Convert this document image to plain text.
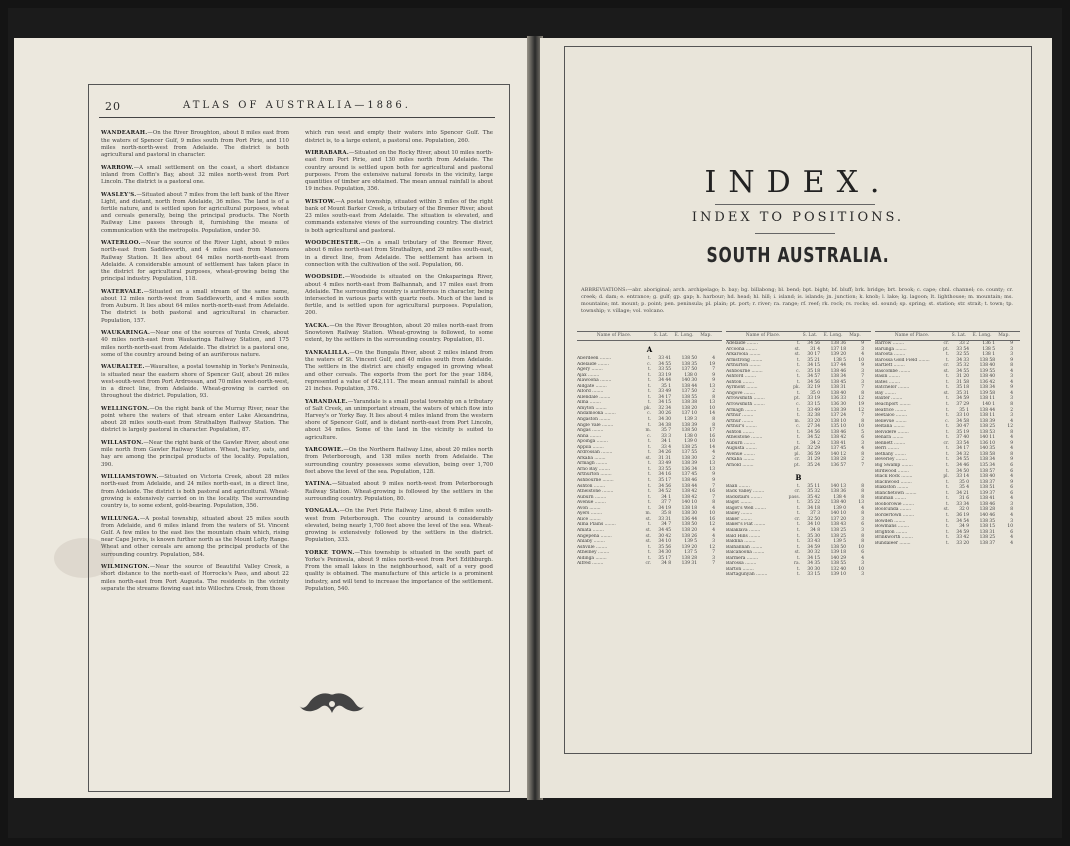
20	ATLAS OF AUSTRALIA—1886.

WANDEARAH.—On the River Broughton, about 8 miles east from the waters of Spencer Gulf, 9 miles south from Port Pirie, and 110 miles north-north-west from Adelaide. The district is both agricultural and pastoral in character.

WARROW.—A small settlement on the coast, a short distance inland from Coffin's Bay, about 32 miles north-west from Port Lincoln. The district is a pastoral one.

WASLEY'S.—Situated about 7 miles from the left bank of the River Light, and distant, north from Adelaide, 36 miles. The land is of a fertile nature, and is settled upon for agricultural purposes, wheat and cereals generally, being the principal products. The North Railway Line passes through it, furnishing the means of communication with the metropolis. Population, under 50.

WATERLOO.—Near the source of the River Light, about 9 miles north-east from Saddleworth, and 4 miles east from Manoora Railway Station. It lies about 64 miles north-north-east from Adelaide. A considerable amount of settlement has taken place in the district for agricultural purposes, wheat-growing being the principal industry. Population, 118.

WATERVALE.—Situated on a small stream of the same name, about 12 miles north-west from Saddleworth, and 4 miles south from Auburn. It lies about 64 miles north-north-east from Adelaide. The district is both pastoral and agricultural in character. Population, 157.

WAUKARINGA.—Near one of the sources of Yunta Creek, about 40 miles north-east from Waukaringa Railway Station, and 175 miles north-north-east from Adelaide. The district is a pastoral one, some of the country around being of an auriferous nature.

WAURALTEE.—Wauraltee, a postal township in Yorke's Peninsula, is situated near the eastern shore of Spencer Gulf, about 26 miles west-south-west from Port Ardrossan, and 70 miles west-north-west, in a direct line, from Adelaide. Wheat-growing is carried on throughout the district. Population, 93.

WELLINGTON.—On the right bank of the Murray River, near the point where the waters of that stream enter Lake Alexandrina, about 28 miles south-east from Strathalbyn Railway Station. The district is largely pastoral in character. Population, 87.

WILLASTON.—Near the right bank of the Gawler River, about one mile north from Gawler Railway Station. Wheat, barley, oats, and hay are among the principal products of the locality. Population, 390.

WILLIAMSTOWN.—Situated on Victoria Creek, about 28 miles north-east from Adelaide, and 24 miles north-east, in a direct line, from Adelaide. The district is both pastoral and agricultural. Wheat-growing is extensively carried on in the locality. The surrounding country is, to some extent, gold-bearing. Population, 356.

WILLUNGA.—A postal township, situated about 25 miles south from Adelaide, and 6 miles inland from the waters of St. Vincent Gulf. A few miles to the east lies the mountain chain which, rising near Cape Jervis, is known further north as the Mount Lofty Range. Wheat and other cereals are among the principal products of the surrounding country. Population, 584.

WILMINGTON.—Near the source of Beautiful Valley Creek, a short distance to the north-east of Horrocks's Pass, and about 22 miles north-east from Port Augusta. The residents in the vicinity separate the streams flowing east into Willochra Creek, from those

which run west and empty their waters into Spencer Gulf. The district is, to a large extent, a pastoral one. Population, 260.

WIRRABARA.—Situated on the Rocky River, about 10 miles north-east from Port Pirie, and 130 miles north from Adelaide. The country around is settled upon both for agricultural and pastoral purposes. From the extensive natural forests in the vicinity, large quantities of timber are obtained. The mean annual rainfall is about 19 inches. Population, 356.

WISTOW.—A postal township, situated within 3 miles of the right bank of Mount Barker Creek, a tributary of the Bremer River, about 23 miles south-east from Adelaide. The situation is elevated, and commands extensive views of the surrounding country. The district is both agricultural and pastoral.

WOODCHESTER.—On a small tributary of the Bremer River, about 6 miles north-east from Strathalbyn, and 29 miles south-east, in a direct line, from Adelaide. The settlement has arisen in connection with the cultivation of the soil. Population, 66.

WOODSIDE.—Woodside is situated on the Onkaparinga River, about 4 miles north-east from Balhannah, and 17 miles east from Adelaide. The surrounding country is auriferous in character, being intersected in various parts with quartz reefs. Much of the land is fertile, and is settled upon for agricultural purposes. Population, 200.

YACKA.—On the River Broughton, about 20 miles north-east from Snowtown Railway Station. Wheat-growing is followed, to some extent, by the settlers in the surrounding country. Population, 81.

YANKALILLA.—On the Bungala River, about 2 miles inland from the waters of St. Vincent Gulf, and 40 miles south from Adelaide. The settlers in the district are chiefly engaged in growing wheat and other cereals. The exports from the port for the year 1884, represented a value of £42,111. The mean annual rainfall is about 21 inches. Population, 376.

YARANDALE.—Yarandale is a small postal township on a tributary of Salt Creek, an unimportant stream, the waters of which flow into Harvey's or Yorky Bay. It lies about 4 miles inland from the western shore of Spencer Gulf, and is distant north-east from Port Lincoln, about 34 miles. Some of the land in the vicinity is suited to agriculture.

YARCOWIE.—On the Northern Railway Line, about 20 miles north from Peterborough, and 138 miles north from Adelaide. The surrounding country possesses some elevation, being over 1,700 feet above the level of the sea. Population, 128.

YATINA.—Situated about 9 miles north-west from Peterborough Railway Station. Wheat-growing is followed by the settlers in the surrounding country. Population, 80.

YONGALA.—On the Port Pirie Railway Line, about 6 miles south-west from Peterborough. The country around is considerably elevated, being nearly 1,700 feet above the level of the sea. Wheat-growing is extensively followed by the settlers in the district. Population, 333.

YORKE TOWN.—This township is situated in the south part of Yorke's Peninsula, about 9 miles north-west from Port Edithburgh. From the small lakes in the neighbourhood, salt of a very good quality is obtained. The manufacture of this article is a prominent industry, and will tend to increase the importance of the settlement. Population, 540.

INDEX.
INDEX TO POSITIONS.
SOUTH AUSTRALIA.
ABBREVIATIONS:—abr. aboriginal; arch. archipelago; b. bay; bg. billabong; bl. bend; bpt. bight; bf. bluff; brk. bridge; brt. brook; c. cape; chnl. channel; co. county; cr. creek; d. dam; e. entrance; g. gulf; gp. gap; h. harbour; hd. head; hl. hill; i. island; is. islands; jn. junction; k. knob; l. lake; lg. lagoon; lt. lighthouse; m. mountain; ms. mountains; mt. mount; p. point; pen. peninsula; pl. plain; pt. port; r. river; ra. range; rf. reef; rk. rock; rs. rocks; sd. sound; sp. spring; st. station; str. strait; t. town; tp. township; v. village; vol. volcano.
Name of Place.	S. Lat.	E. Long.	Map.
A
Aberdeen ........	t.	33 41	138 50	4
Adelaide ........	c.	34 55	138 35	19
Agery ........	t.	33 55	137 50	7
Ajax ........	t.	33 19	138 0	9
Alawoona ........	t.	34 44	140 30	9
Aldgate ........	t.	35 1	138 44	13
Alford ........	t.	33 49	137 50	2
Allendale ........	t.	34 17	138 55	8
Alma ........	t.	34 15	138 38	13
Amyton ........	pk.	32 34	138 20	10
Andamooka ........	c.	30 26	137 10	14
Angaston ........	t.	34 30	139 3	8
Angle Vale ........	t.	34 38	138 39	8
Angas ........	m.	35 7	138 50	17
Anna ........	c.	33 3	138 0	16
Apoinga ........	t.	34 1	139 0	10
Appila ........	t.	33 4	138 25	14
Ardrossan ........	t.	34 26	137 55	4
Arkaba ........	st.	31 31	138 30	2
Armagh ........	t.	33 49	138 39	13
Arno Bay ........	t.	33 55	136 34	13
Arthurton ........	t.	34 16	137 45	9
Ashbourne ........	t.	35 17	138 46	9
Ashton ........	t.	34 56	138 44	7
Athelstone ........	t.	34 52	138 42	16
Auburn ........	t.	34 1	138 42	7
Avenue ........	t.	37 7	140 10	8
Avon ........	t.	34 19	138 18	4
Ayers ........	m.	35 8	138 30	10
Alice ........	st.	33 31	136 44	16
Alma Plains ........	t.	34 7	138 50	12
Amata ........	st.	34 45	138 20	4
Angepena ........	st.	30 42	138 26	4
Anlaby ........	st.	34 10	139 5	3
Ashville ........	t.	35 56	139 20	12
Athelney ........	t.	34 30	137 5	7
Aldinga ........	t.	35 17	138 28	3
Alfred ........	cr.	34 8	139 31	7
Name of Place.	S. Lat.	E. Long.	Map.
Adelaide ........	t.	34 56	138 36	9
Arcoona ........	st.	31 4	137 18	3
Arkaroola ........	st.	30 17	139 20	4
Armstrong ........	t.	35 21	138 5	10
Arthurton ........	t.	34 15	137 44	9
Ashbourne ........	c.	35 18	138 46	3
Ashford ........	t.	34 57	138 34	7
Ashton ........	t.	34 56	138 45	3
Ayrmont ........	pk.	32 19	138 31	7
Angove ........	t.	35 0	138 40	8
Arrowsmith ........	pt.	33 19	136 33	12
Arrowsmith ........	c.	33 15	136 30	19
Armagh ........	t.	33 49	138 39	12
Arthur ........	t.	32 38	137 24	7
Arthur ........	m.	33 20	138 10	8
Arthur's ........	c.	27 34	135 10	10
Ashton ........	t.	34 56	138 46	5
Athelstone ........	t.	34 52	138 42	6
Auburn ........	t.	34 2	138 41	3
Augusta ........	pt.	32 29	137 45	4
Avenue ........	pl.	36 59	140 12	8
Arkaba ........	cr.	31 29	138 28	2
Arnold ........	pt.	35 24	136 57	7
B
Baan ........	t.	35 11	140 13	8
Back Valley ........	cr.	35 32	138 36	8
Backstairs ........	pass.	35 42	138 4	8
Bagot ........	t.	35 22	138 40	13
Bagot's Well ........	t.	34 18	139 0	4
Bailey ........	t.	37 3	140 10	8
Baker ........	cr.	32 50	137 20	3
Baker's Flat ........	t.	34 10	138 43	6
Balaklava ........	t.	34 8	138 25	3
Bald Hills ........	t.	35 30	138 25	8
Baldina ........	t.	33 43	139 5	8
Balhannah ........	t.	34 59	138 50	10
Balcanoona ........	st.	30 32	139 18	6
Barmera ........	t.	34 15	140 29	4
Barossa ........	ra.	34 35	138 55	3
Barton ........	t.	30 30	132 40	10
Bartagunyah ........	t.	33 15	139 10	3
Name of Place.	S. Lat.	E. Long.	Map.
Barrow ........	cr.	33 2	136 1	9
Barunga ........	pt.	33 54	138 5	3
Baroota ........	t.	32 55	138 1	3
Barossa Gold Field ........	t.	34 33	138 58	9
Bartlett ........	cr.	35 32	138 40	8
Bascombe ........	st.	34 55	139 55	4
Basin ........	t.	31 20	138 40	3
Bates ........	t.	31 58	136 42	4
Batchelor ........	t.	35 18	138 34	9
Bay ........	st.	35 31	139 58	4
Baxter ........	t.	34 59	138 11	3
Beachport ........	t.	37 29	140 1	8
Beatrice ........	t.	35 1	138 44	2
Beetaloo ........	t.	33 10	138 11	3
Bellevue ........	c.	34 58	138 39	4
Beltana ........	t.	30 47	138 25	12
Belvidere ........	t.	35 19	138 53	8
Benara ........	t.	37 40	140 11	4
Bennett ........	cr.	33 54	136 10	9
Berri ........	t.	34 17	140 35	4
Bethany ........	t.	34 32	138 58	8
Beverley ........	t.	34 55	138 34	9
Big Swamp ........	t.	34 46	135 34	6
Birdwood ........	t.	34 50	138 57	6
Black Rock ........	pl.	33 14	138 40	4
Blackwood ........	t.	35 0	138 37	9
Blakiston ........	t.	35 4	138 51	6
Blanchetown ........	t.	34 21	139 37	6
Blinman ........	t.	31 6	138 41	4
Booborowie ........	t.	33 34	138 46	3
Boolcunda ........	st.	32 0	138 28	8
Bordertown ........	t.	36 19	140 46	4
Bowden ........	t.	34 54	138 35	3
Bowmans ........	t.	34 9	138 15	10
Brighton ........	t.	34 59	138 31	6
Brinkworth ........	t.	33 42	138 25	4
Bundaleer ........	t.	33 20	138 37	4
